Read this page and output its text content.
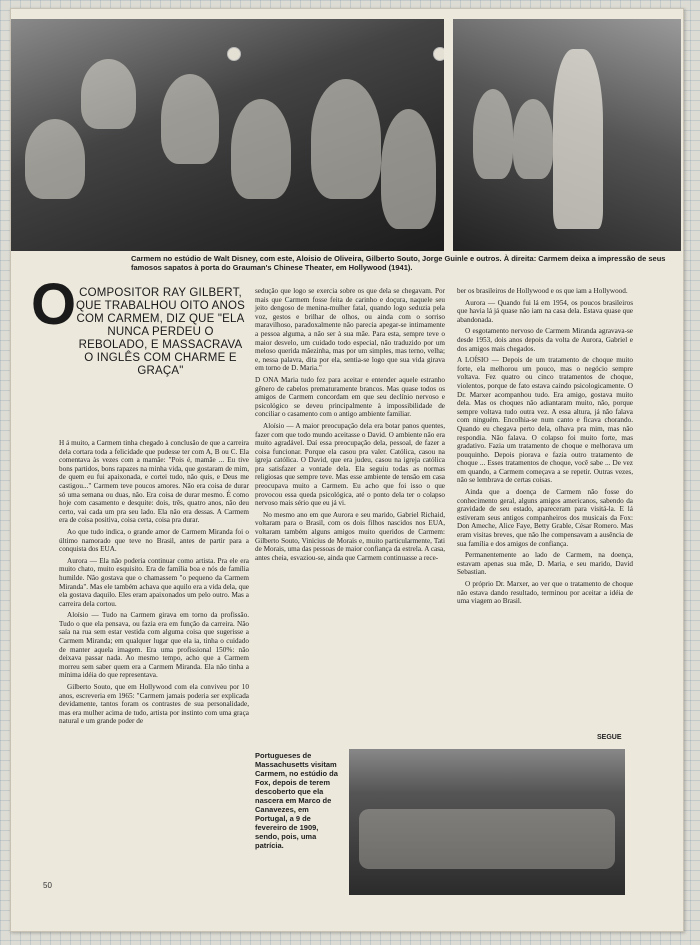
Carmem no estúdio de Walt Disney, com este, Aloisio de Oliveira, Gilberto Souto, Jorge Guinle e outros. À direita: Carmem deixa a impressão de seus famosos sapatos à porta do Grauman's Chinese Theater, em Hollywood (1941).
O COMPOSITOR RAY GILBERT, QUE TRABALHOU OITO ANOS COM CARMEM, DIZ QUE "ELA NUNCA PERDEU O REBOLADO, E MASSACRAVA O INGLÊS COM CHARME E GRAÇA"

H á muito, a Carmem tinha chegado à conclusão de que a carreira dela cortara toda a felicidade que pudesse ter com A, B ou C. Ela comentava às vezes com a mamãe: "Pois é, mamãe ... Eu tive bons partidos, bons rapazes na minha vida, que gostaram de mim, de quem eu fui apaixonada, e cortei tudo, não quis, e Deus me castigou..." Carmem teve poucos amores. Não era coisa de durar só uma semana ou duas, não. Era coisa de durar mesmo. É como hoje com casamento e desquite: dois, três, quatro anos, não deu certo, vai cada um pra seu lado. Ela não era dessas. A Carmem era de coisa positiva, coisa certa, coisa pra durar.

Ao que tudo indica, o grande amor de Carmem Miranda foi o último namorado que teve no Brasil, antes de partir para a conquista dos EUA.

Aurora — Ela não poderia continuar como artista. Pra ele era muito chato, muito esquisito. Era de família boa e nós de família humilde. Não gostava que o chamassem "o pequeno da Carmem Miranda". Mas ele também achava que aquilo era a vida dela, que ela gostava daquilo. Eles eram apaixonados um pelo outro. Mas a carreira dela cortou.

Aloísio — Tudo na Carmem girava em torno da profissão. Tudo o que ela pensava, ou fazia era em função da carreira. Não saía na rua sem estar vestida com alguma coisa que sugerisse a Carmem Miranda; em qualquer lugar que ela ia, tinha o cuidado de manter aquela imagem. Era uma profissional 150%: não deixava passar nada. Ao mesmo tempo, acho que a Carmem morreu sem saber quem era a Carmem Miranda. Ela não tinha a mínima idéia do que representava.

Gilberto Souto, que em Hollywood com ela conviveu por 10 anos, escreveria em 1965: "Carmem jamais poderia ser explicada devidamente, tantos foram os contrastes de sua personalidade, mas era mulher acima de tudo, artista por instinto com uma graça natural e um grande poder de

sedução que logo se exercia sobre os que dela se chegavam. Por mais que Carmem fosse feita de carinho e doçura, naquele seu jeito dengoso de menina-mulher fatal, quando logo seduzia pela voz, gestos e brilhar de olhos, ou ainda com o sorriso maravilhoso, paradoxalmente não parecia apegar-se intimamente a pessoa alguma, a não ser à sua mãe. Para esta, sempre teve o maior desvelo, um cuidado todo especial, não traduzido por um meloso querida mãezinha, mas por um simples, mas terno, velha; e, nessa palavra, dita por ela, sentia-se logo que sua vida girava em torno de D. Maria."

D ONA Maria tudo fez para aceitar e entender aquele estranho gênero de cabelos prematuramente brancos. Mas quase todos os amigos de Carmem concordam em que seu declínio nervoso e psicológico se deveu principalmente à impossibilidade de conciliar o casamento com o antigo ambiente familiar.

Aloísio — A maior preocupação dela era botar panos quentes, fazer com que todo mundo aceitasse o David. O ambiente não era muito agradável. Daí essa preocupação dela, pessoal, de fazer a coisa funcionar. Porque ela casou pra valer. Católica, casou na igreja católica. O David, que era judeu, casou na igreja católica pra satisfazer a vontade dela. Ela seguiu todas as normas religiosas que sempre teve. Mas esse ambiente de tensão em casa preocupava muito a Carmem. Eu acho que foi isso o que provocou essa queda psicológica, até o ponto dela ter o colapso nervoso mais sério que eu já vi.

No mesmo ano em que Aurora e seu marido, Gabriel Richaid, voltaram para o Brasil, com os dois filhos nascidos nos EUA, voltaram também alguns amigos muito queridos de Carmem: Gilberto Souto, Vinicius de Morais e, muito particularmente, Tati de Morais, uma das pessoas de maior confiança da estrela. A casa, antes cheia, esvaziou-se, ainda que Carmem continuasse a rece-

ber os brasileiros de Hollywood e os que iam a Hollywood.

Aurora — Quando fui lá em 1954, os poucos brasileiros que havia lá já quase não iam na casa dela. Estava quase que abandonada.

O esgotamento nervoso de Carmem Miranda agravava-se desde 1953, dois anos depois da volta de Aurora, Gabriel e dos amigos mais chegados.

A LOÍSIO — Depois de um tratamento de choque muito forte, ela melhorou um pouco, mas o negócio sempre voltava. Fez quatro ou cinco tratamentos de choque, violentos, porque de fato estava caindo psicologicamente. O Dr. Marxer acompanhou tudo. Era amigo, gostava muito dela. Mas os choques não adiantaram muito, não, porque sempre voltava tudo outra vez. A essa altura, já não falava com ninguém. Encolhia-se num canto e ficava chorando. Quando eu chegava perto dela, olhava pra mim, mas não respondia. Não falava. O colapso foi muito forte, mas gradativo. Fazia um tratamento de choque e melhorava um pouquinho. Depois piorava e fazia outro tratamento de choque ... Esses tratamentos de choque, você sabe ... De vez em quando, a Carmem começava a se repetir. Outras vezes, não se lembrava de certas coisas.

Ainda que a doença de Carmem não fosse do conhecimento geral, alguns amigos americanos, sabendo da gravidade de seu estado, apareceram para visitá-la. E lá estiveram seus antigos companheiros dos musicais da Fox: Don Ameche, Alice Faye, Betty Grable, César Romero. Mas eram visitas breves, que não lhe compensavam a ausência de sua família e dos amigos de confiança.

Permanentemente ao lado de Carmem, na doença, estavam apenas sua mãe, D. Maria, e seu marido, David Sebastian.

O próprio Dr. Marxer, ao ver que o tratamento de choque não estava dando resultado, terminou por aceitar a idéia de uma viagem ao Brasil.

SEGUE
Portugueses de Massachusetts visitam Carmem, no estúdio da Fox, depois de terem descoberto que ela nascera em Marco de Canavezes, em Portugal, a 9 de fevereiro de 1909, sendo, pois, uma patrícia.
50
